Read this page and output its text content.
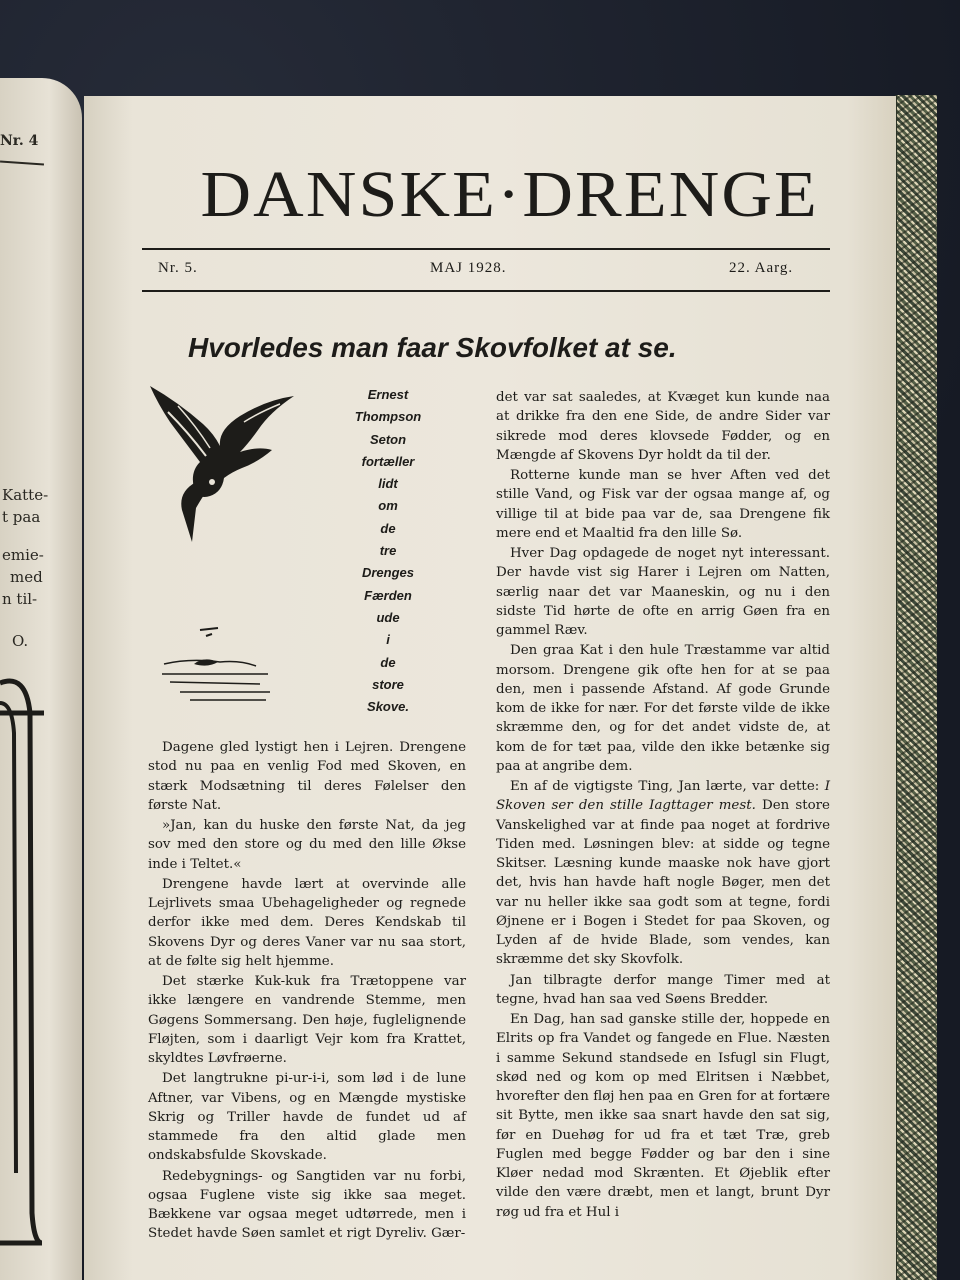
Nr. 4
Katte-
t paa
emie-
med
n til-
O.
DANSKE·DRENGE
Nr. 5.	MAJ 1928.	22. Aarg.
Hvorledes man faar Skovfolket at se.
Ernest
Thompson
Seton
fortæller
lidt
om
de
tre
Drenges
Færden
ude
i
de
store
Skove.

Dagene gled lystigt hen i Lejren. Drengene stod nu paa en venlig Fod med Skoven, en stærk Modsætning til deres Følelser den første Nat.

»Jan, kan du huske den første Nat, da jeg sov med den store og du med den lille Økse inde i Teltet.«

Drengene havde lært at overvinde alle Lejrlivets smaa Ubehageligheder og regnede derfor ikke med dem. Deres Kendskab til Skovens Dyr og deres Vaner var nu saa stort, at de følte sig helt hjemme.

Det stærke Kuk-kuk fra Trætoppene var ikke længere en vandrende Stemme, men Gøgens Sommersang. Den høje, fuglelignende Fløjten, som i daarligt Vejr kom fra Krattet, skyldtes Løvfrøerne.

Det langtrukne pi-ur-i-i, som lød i de lune Aftner, var Vibens, og en Mængde mystiske Skrig og Triller havde de fundet ud af stammede fra den altid glade men ondskabsfulde Skovskade.

Redebygnings- og Sangtiden var nu forbi, ogsaa Fuglene viste sig ikke saa meget. Bækkene var ogsaa meget udtørrede, men i Stedet havde Søen samlet et rigt Dyreliv. Gær-

det var sat saaledes, at Kvæget kun kunde naa at drikke fra den ene Side, de andre Sider var sikrede mod deres klovsede Fødder, og en Mængde af Skovens Dyr holdt da til der.

Rotterne kunde man se hver Aften ved det stille Vand, og Fisk var der ogsaa mange af, og villige til at bide paa var de, saa Drengene fik mere end et Maaltid fra den lille Sø.

Hver Dag opdagede de noget nyt interessant. Der havde vist sig Harer i Lejren om Natten, særlig naar det var Maaneskin, og nu i den sidste Tid hørte de ofte en arrig Gøen fra en gammel Ræv.

Den graa Kat i den hule Træstamme var altid morsom. Drengene gik ofte hen for at se paa den, men i passende Afstand. Af gode Grunde kom de ikke for nær. For det første vilde de ikke skræmme den, og for det andet vidste de, at kom de for tæt paa, vilde den ikke betænke sig paa at angribe dem.

En af de vigtigste Ting, Jan lærte, var dette: I Skoven ser den stille Iagttager mest. Den store Vanskelighed var at finde paa noget at fordrive Tiden med. Løsningen blev: at sidde og tegne Skitser. Læsning kunde maaske nok have gjort det, hvis han havde haft nogle Bøger, men det var nu heller ikke saa godt som at tegne, fordi Øjnene er i Bogen i Stedet for paa Skoven, og Lyden af de hvide Blade, som vendes, kan skræmme det sky Skovfolk.

Jan tilbragte derfor mange Timer med at tegne, hvad han saa ved Søens Bredder.

En Dag, han sad ganske stille der, hoppede en Elrits op fra Vandet og fangede en Flue. Næsten i samme Sekund standsede en Isfugl sin Flugt, skød ned og kom op med Elritsen i Næbbet, hvorefter den fløj hen paa en Gren for at fortære sit Bytte, men ikke saa snart havde den sat sig, før en Duehøg for ud fra et tæt Træ, greb Fuglen med begge Fødder og bar den i sine Kløer nedad mod Skrænten. Et Øjeblik efter vilde den være dræbt, men et langt, brunt Dyr røg ud fra et Hul i
